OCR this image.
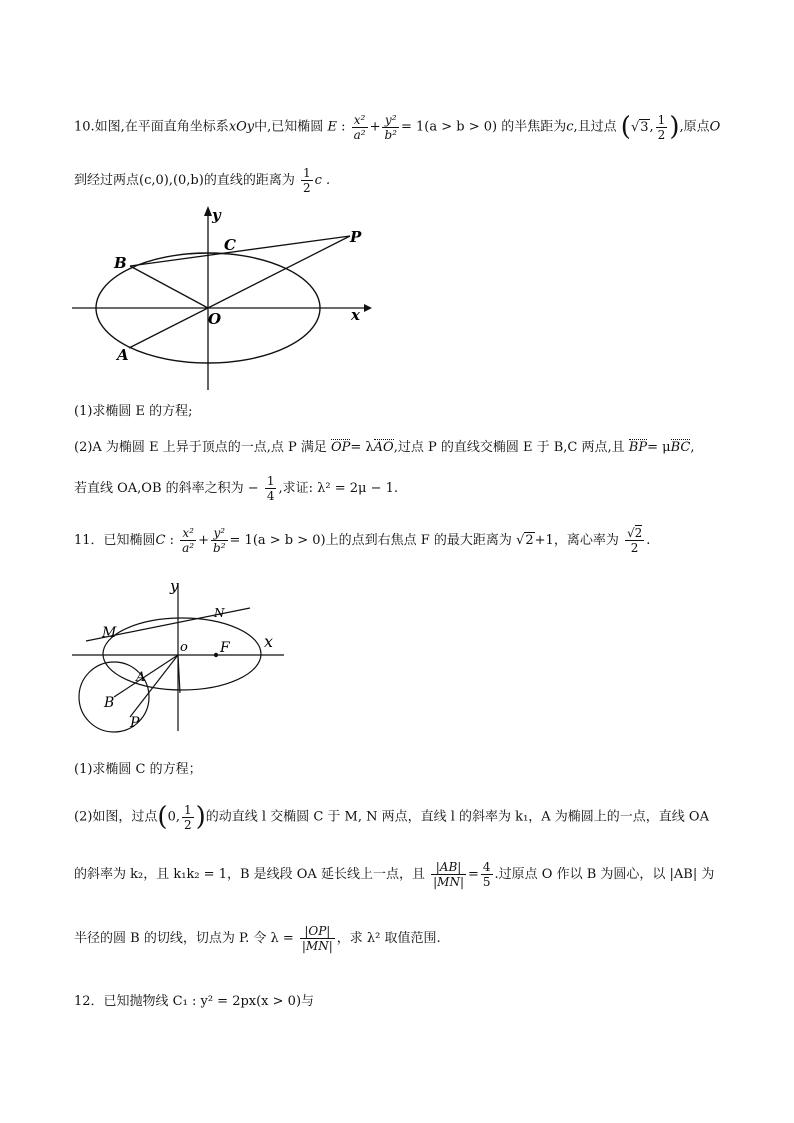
10.如图,在平面直角坐标系xOy中,已知椭圆 E : $\frac{\text{x²}}{\text{a²}} + \frac{\text{y²}}{\text{b²}} = 1(a > b > 0)$ 的半焦距为c,且过点 (√3, $\frac{1}{2}$ ),原点O
到经过两点(c,0),(0,b)的直线的距离为 $\frac{1}{2}$ c .
y
x
O
A
B
C	P
(1)求椭圆 E 的方程;
(2)A 为椭圆 E 上异于顶点的一点,点 P 满足 OP= λAO,过点 P 的直线交椭圆 E 于 B,C 两点,且 BP= μBC,
若直线 OA,OB 的斜率之积为 − $\frac{1}{4}$ ,求证: λ² = 2μ − 1.
11．已知椭圆C : $\frac{\text{x²}}{\text{a²}} + \frac{\text{y²}}{\text{b²}} = 1(a > b > 0)$上的点到右焦点 F 的最大距离为 √2+1，离心率为 $\frac{√2}{2}$ .
y
x
o F
M
N
A
B
P
(1)求椭圆 C 的方程；
(2)如图，过点(0, $\frac{1}{2}$ )的动直线 l 交椭圆 C 于 M, N 两点，直线 l 的斜率为 k₁，A 为椭圆上的一点，直线 OA
的斜率为 k₂，且 k₁k₂ = 1，B 是线段 OA 延长线上一点，且 $\frac{|AB|}{|MN|} = \frac{4}{5}$ .过原点 O 作以 B 为圆心，以 |AB| 为
半径的圆 B 的切线，切点为 P. 令 $\lambda = \frac{|OP|}{|MN|}$ ，求 λ² 取值范围.
12．已知抛物线 C₁ : y² = 2px(x > 0)与
